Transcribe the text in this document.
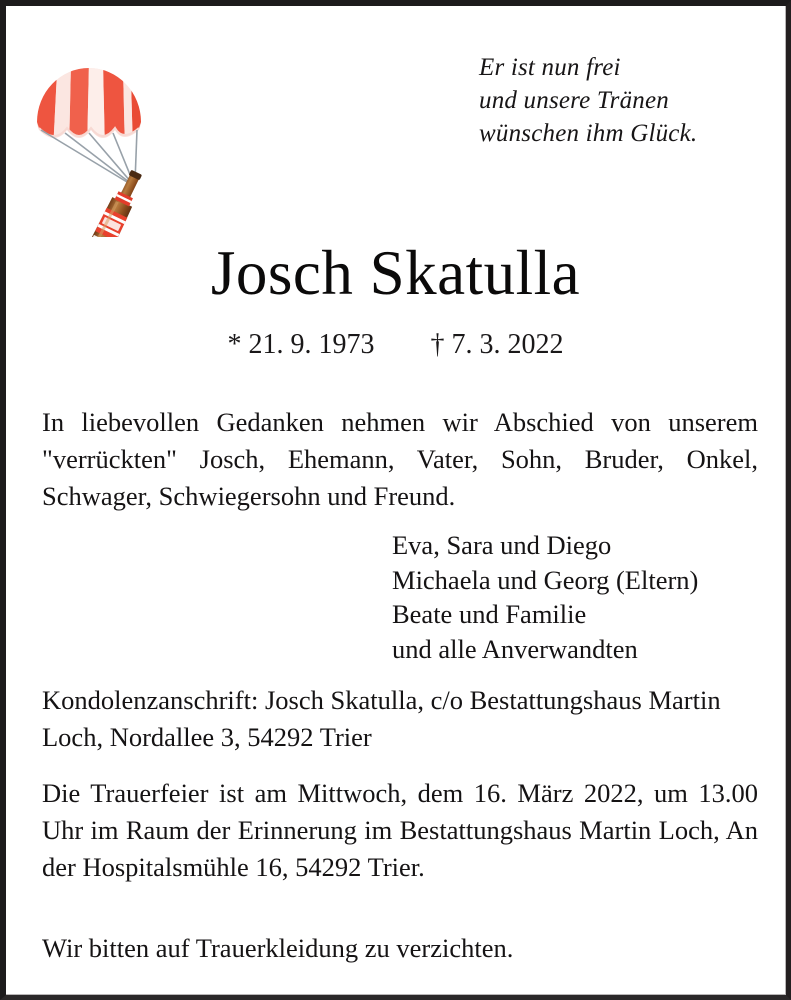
Er ist nun frei
und unsere Tränen
wünschen ihm Glück.
Josch Skatulla
* 21. 9. 1973 † 7. 3. 2022
In liebevollen Gedanken nehmen wir Abschied von unserem "verrückten" Josch, Ehemann, Vater, Sohn, Bruder, Onkel, Schwager, Schwiegersohn und Freund.
Eva, Sara und Diego
Michaela und Georg (Eltern)
Beate und Familie
und alle Anverwandten
Kondolenzanschrift: Josch Skatulla, c/o Bestattungshaus Martin Loch, Nordallee 3, 54292 Trier
Die Trauerfeier ist am Mittwoch, dem 16. März 2022, um 13.00 Uhr im Raum der Erinnerung im Bestattungshaus Martin Loch, An der Hospitalsmühle 16, 54292 Trier.
Wir bitten auf Trauerkleidung zu verzichten.
